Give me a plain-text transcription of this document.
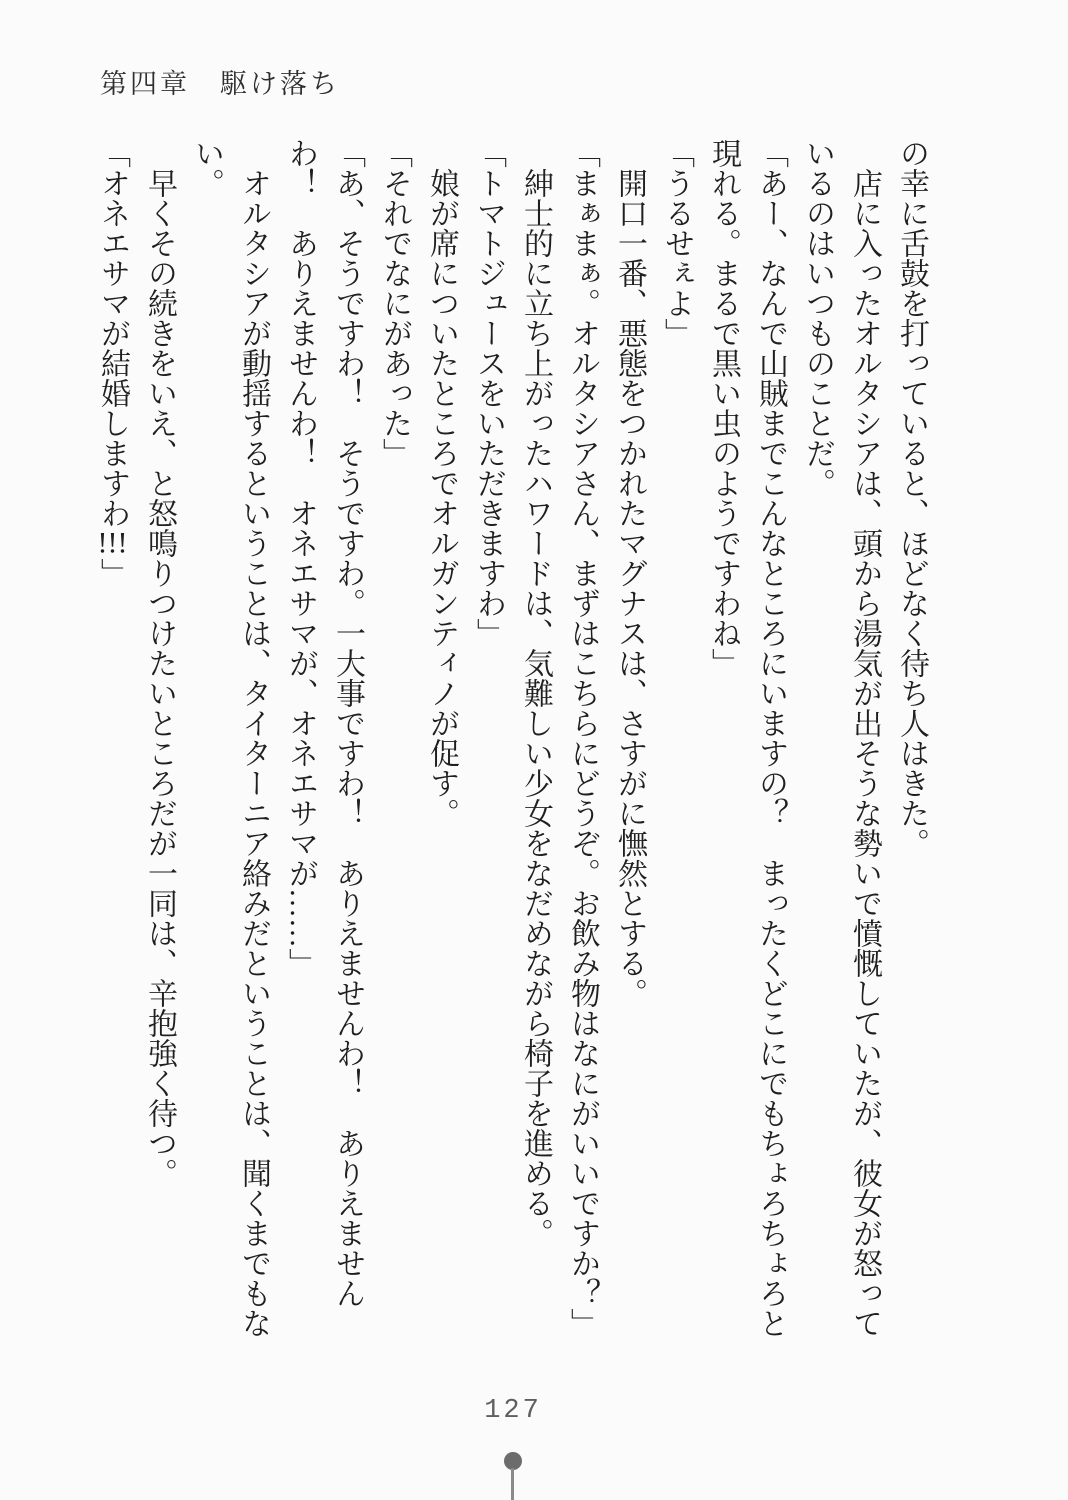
第四章　駆け落ち

の幸に舌鼓を打っていると、ほどなく待ち人はきた。

店に入ったオルタシアは、頭から湯気が出そうな勢いで憤慨していたが、彼女が怒っているのはいつものことだ。

「あー、なんで山賊までこんなところにいますの？　まったくどこにでもちょろちょろと現れる。まるで黒い虫のようですわね」

「うるせぇよ」

開口一番、悪態をつかれたマグナスは、さすがに憮然とする。

「まぁまぁ。オルタシアさん、まずはこちらにどうぞ。お飲み物はなにがいいですか？」

紳士的に立ち上がったハワードは、気難しい少女をなだめながら椅子を進める。

「トマトジュースをいただきますわ」

娘が席についたところでオルガンティノが促す。

「それでなにがあった」

「あ、そうですわ！　そうですわ。一大事ですわ！　ありえませんわ！　ありえませんわ！　ありえませんわ！　オネエサマが、オネエサマが……」

オルタシアが動揺するということは、タイターニア絡みだということは、聞くまでもない。

早くその続きをいえ、と怒鳴りつけたいところだが一同は、辛抱強く待つ。

「オネエサマが結婚しますわ!!!」

127
